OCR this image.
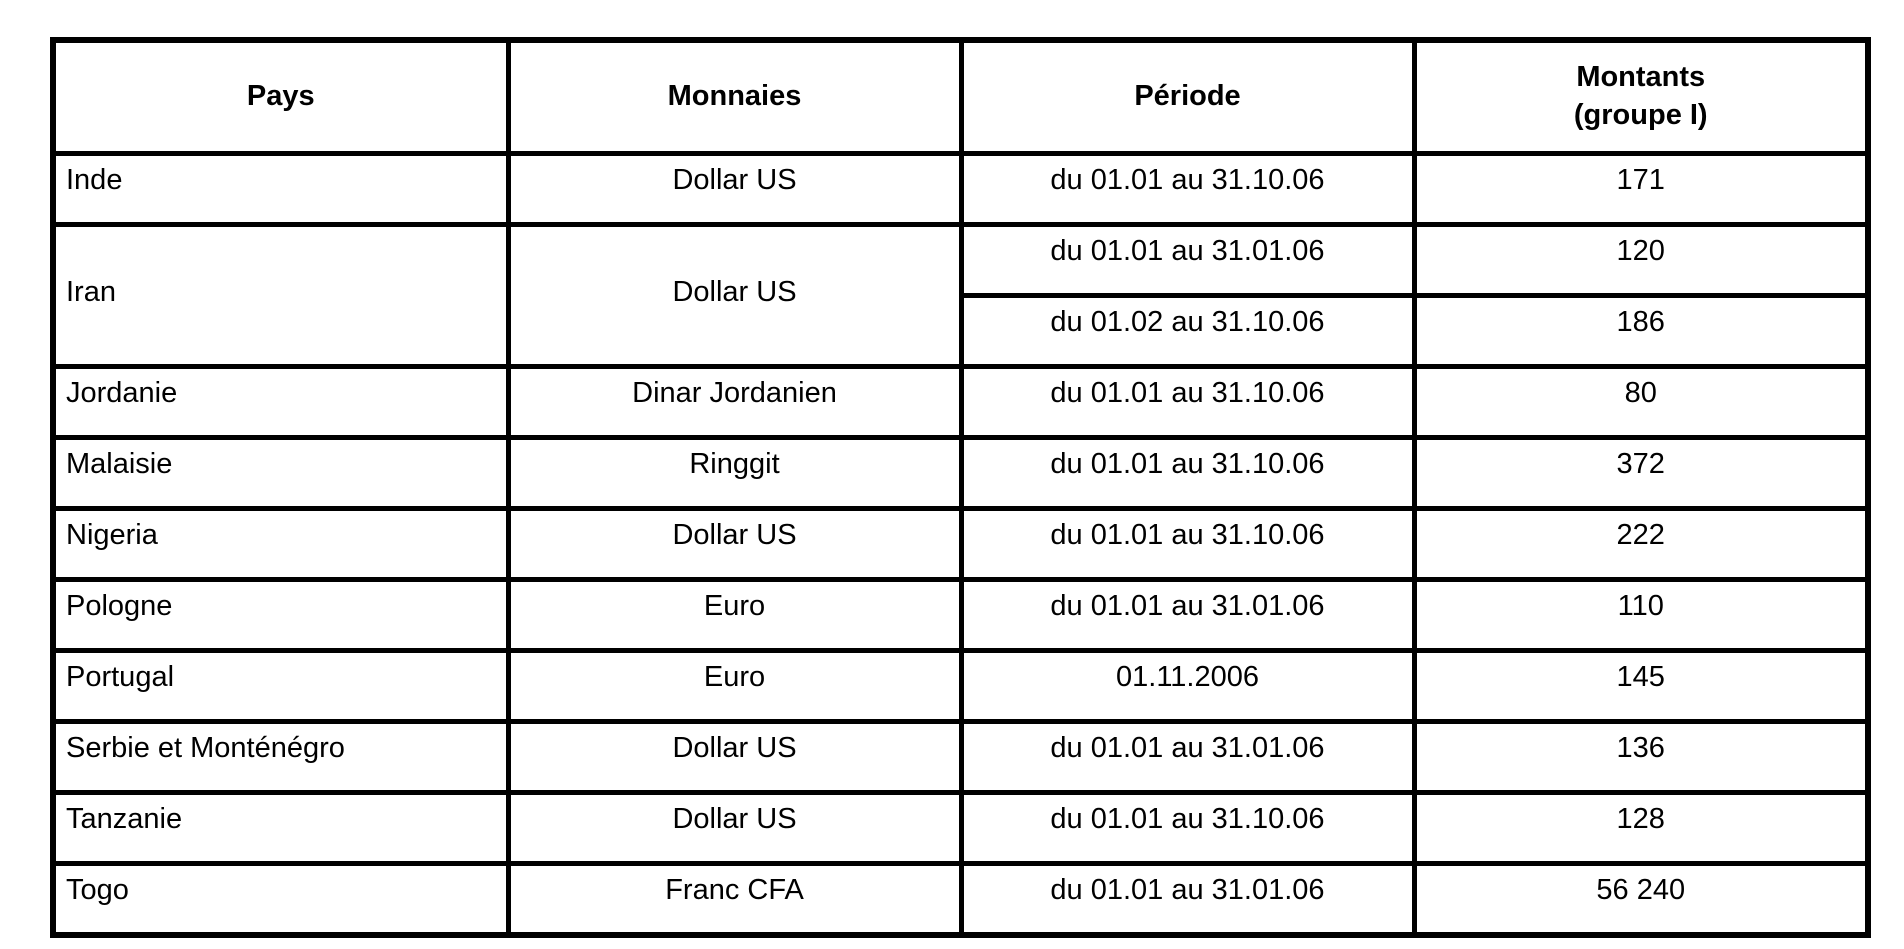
Pays	Monnaies	Période	Montants
(groupe I)

Inde	Dollar US	du 01.01 au 31.10.06	171
Iran	Dollar US	du 01.01 au 31.01.06	120
		du 01.02 au 31.10.06	186
Jordanie	Dinar Jordanien	du 01.01 au 31.10.06	80
Malaisie	Ringgit	du 01.01 au 31.10.06	372
Nigeria	Dollar US	du 01.01 au 31.10.06	222
Pologne	Euro	du 01.01 au 31.01.06	110
Portugal	Euro	01.11.2006	145
Serbie et Monténégro	Dollar US	du 01.01 au 31.01.06	136
Tanzanie	Dollar US	du 01.01 au 31.10.06	128
Togo	Franc CFA	du 01.01 au 31.01.06	56 240
